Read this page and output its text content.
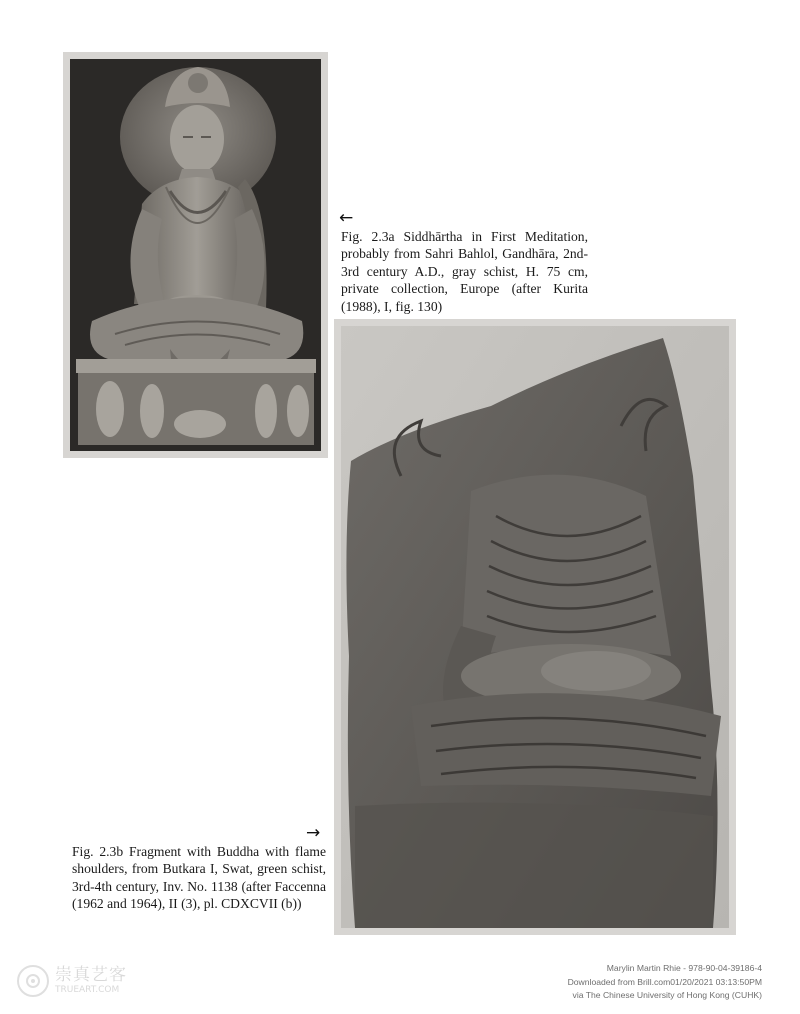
←
Fig. 2.3a Siddhārtha in First Meditation, probably from Sahri Bahlol, Gandhāra, 2nd-3rd century A.D., gray schist, H. 75 cm, private collection, Europe (after Kurita (1988), I, fig. 130)
→
Fig. 2.3b Fragment with Buddha with flame shoulders, from Butkara I, Swat, green schist, 3rd-4th century, Inv. No. 1138 (after Faccenna (1962 and 1964), II (3), pl. CDXCVII (b))
崇真艺客
TRUEART.COM
Marylin Martin Rhie - 978-90-04-39186-4
Downloaded from Brill.com01/20/2021 03:13:50PM
via The Chinese University of Hong Kong (CUHK)
